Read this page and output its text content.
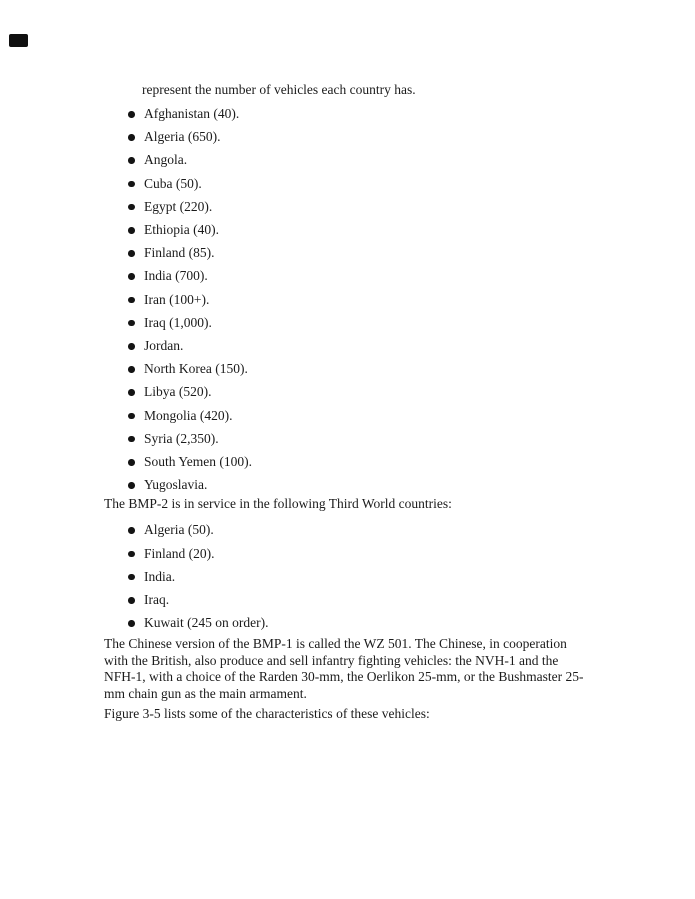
represent the number of vehicles each country has.

Afghanistan (40).
Algeria (650).
Angola.
Cuba (50).
Egypt (220).
Ethiopia (40).
Finland (85).
India (700).
Iran (100+).
Iraq (1,000).
Jordan.
North Korea (150).
Libya (520).
Mongolia (420).
Syria (2,350).
South Yemen (100).
Yugoslavia.

The BMP-2 is in service in the following Third World countries:

Algeria (50).
Finland (20).
India.
Iraq.
Kuwait (245 on order).
The Chinese version of the BMP-1 is called the WZ 501. The Chinese, in cooperation
with the British, also produce and sell infantry fighting vehicles: the NVH-1 and the
NFH-1, with a choice of the Rarden 30-mm, the Oerlikon 25-mm, or the Bushmaster 25-
mm chain gun as the main armament.

Figure 3-5 lists some of the characteristics of these vehicles:
